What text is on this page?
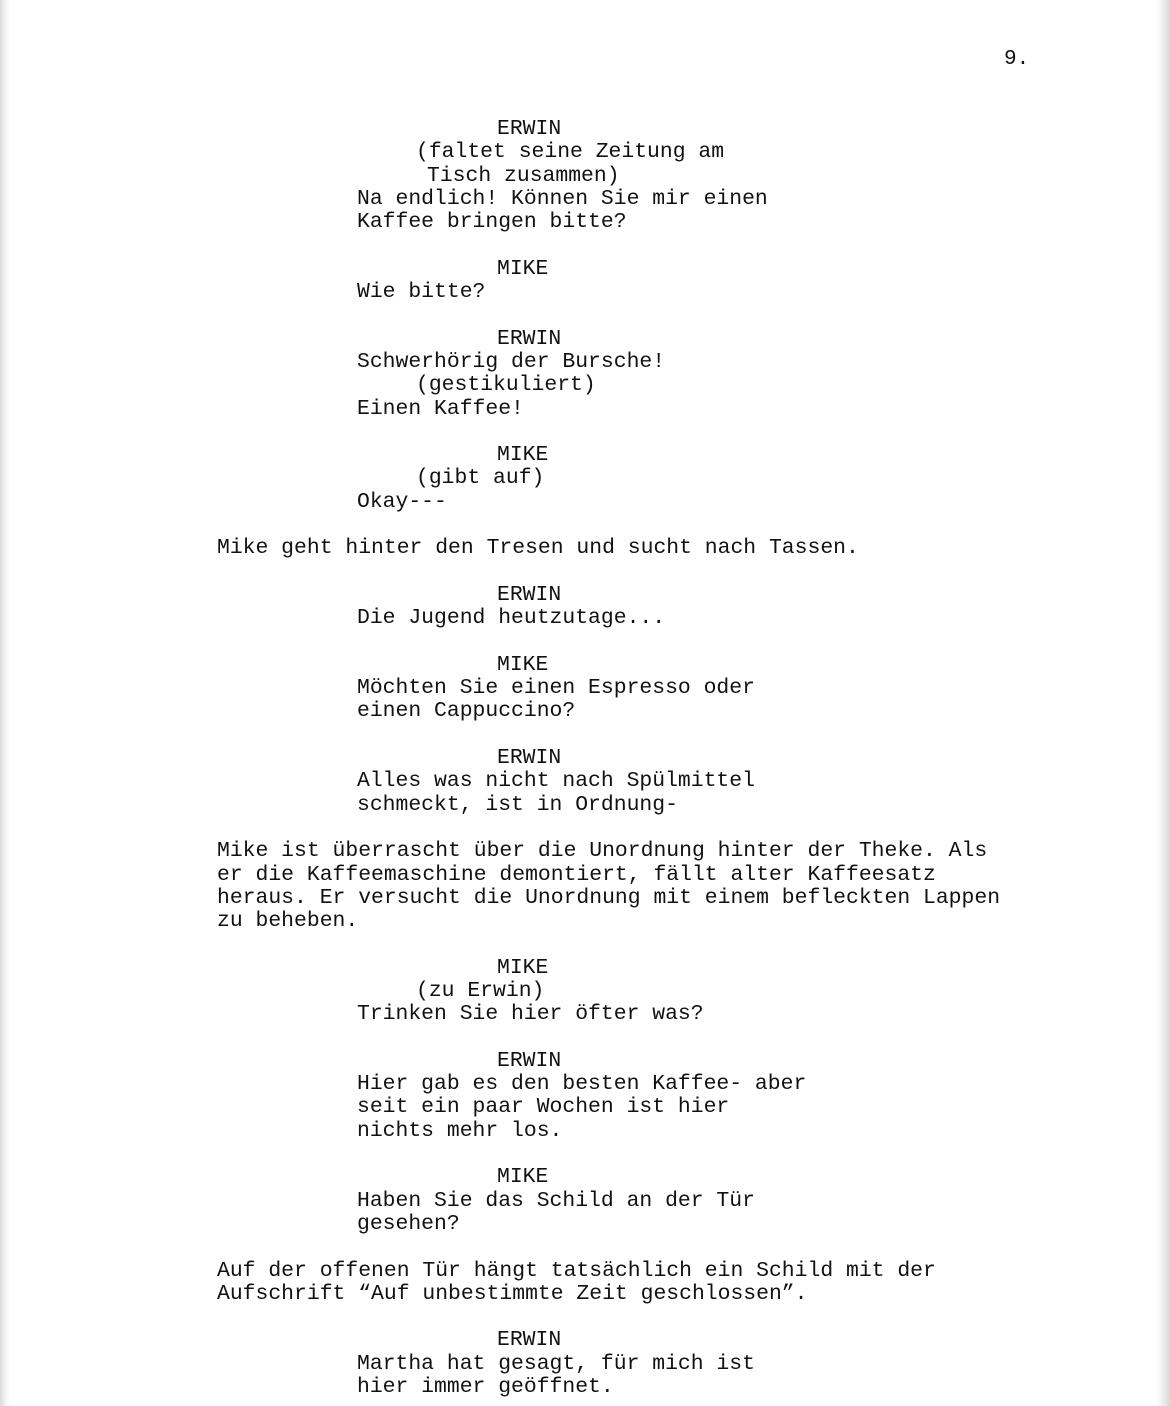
9.
ERWIN
(faltet seine Zeitung am
Tisch zusammen)
Na endlich! Können Sie mir einen
Kaffee bringen bitte?
MIKE
Wie bitte?
ERWIN
Schwerhörig der Bursche!
(gestikuliert)
Einen Kaffee!
MIKE
(gibt auf)
Okay---
Mike geht hinter den Tresen und sucht nach Tassen.
ERWIN
Die Jugend heutzutage...
MIKE
Möchten Sie einen Espresso oder
einen Cappuccino?
ERWIN
Alles was nicht nach Spülmittel
schmeckt, ist in Ordnung-
Mike ist überrascht über die Unordnung hinter der Theke. Als
er die Kaffeemaschine demontiert, fällt alter Kaffeesatz
heraus. Er versucht die Unordnung mit einem befleckten Lappen
zu beheben.
MIKE
(zu Erwin)
Trinken Sie hier öfter was?
ERWIN
Hier gab es den besten Kaffee- aber
seit ein paar Wochen ist hier
nichts mehr los.
MIKE
Haben Sie das Schild an der Tür
gesehen?
Auf der offenen Tür hängt tatsächlich ein Schild mit der
Aufschrift “Auf unbestimmte Zeit geschlossen”.
ERWIN
Martha hat gesagt, für mich ist
hier immer geöffnet.
